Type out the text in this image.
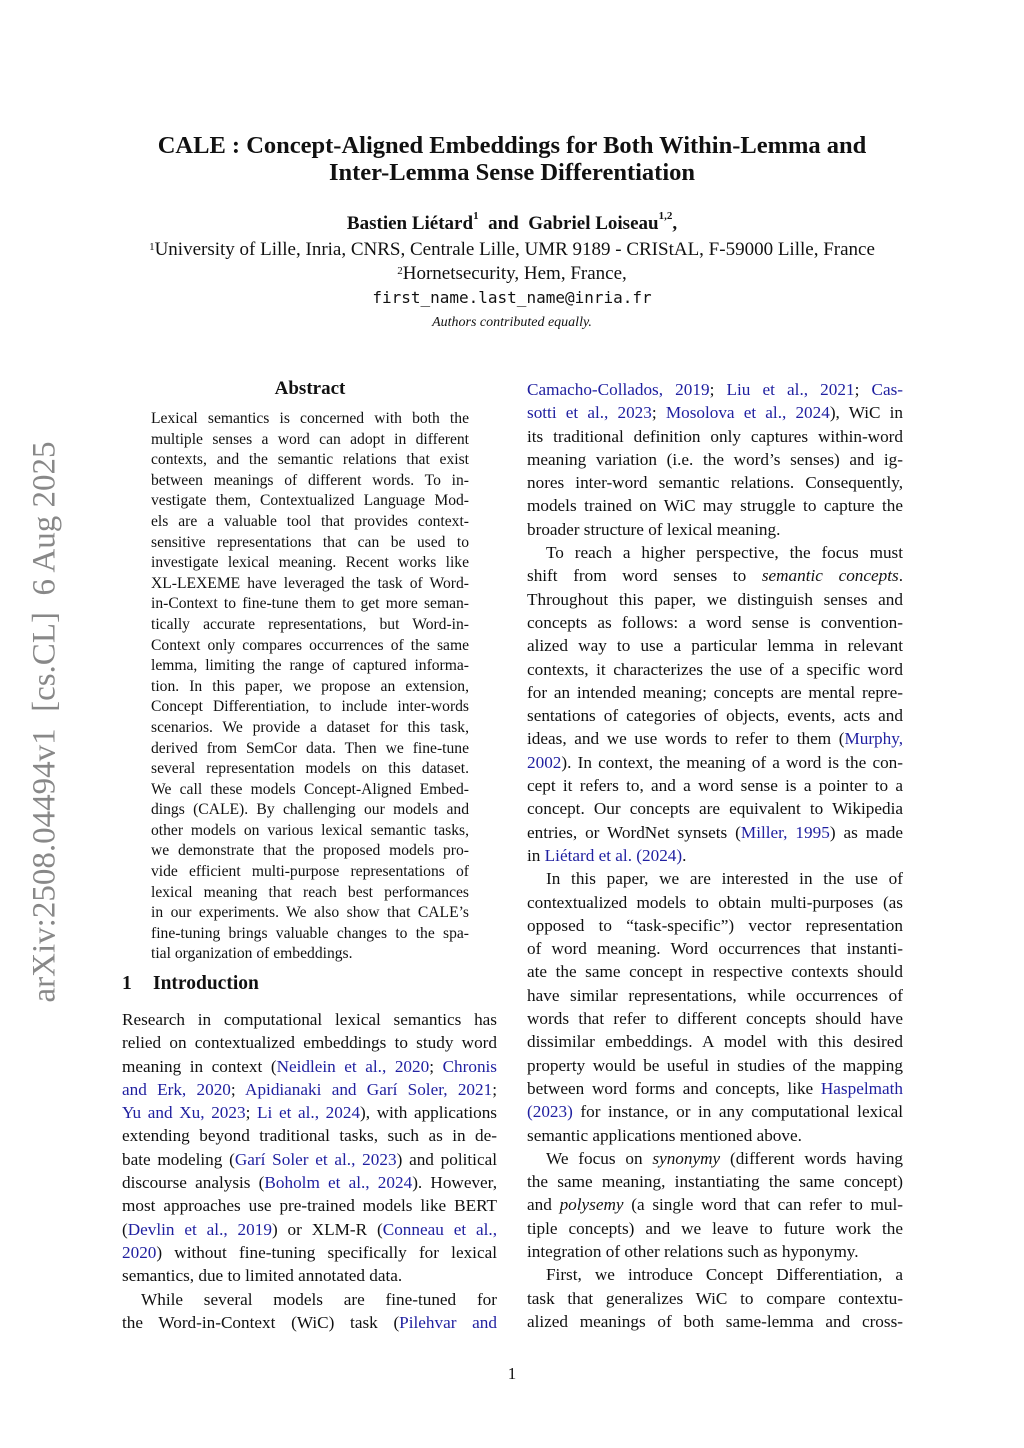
arXiv:2508.04494v1  [cs.CL]  6 Aug 2025
CALE : Concept-Aligned Embeddings for Both Within-Lemma and
Inter-Lemma Sense Differentiation
Bastien Liétard$^1$ and Gabriel Loiseau$^{1,2}$,
$^1$University of Lille, Inria, CNRS, Centrale Lille, UMR 9189 - CRIStAL, F-59000 Lille, France
$^2$Hornetsecurity, Hem, France,
first_name.last_name@inria.fr
Authors contributed equally.
Abstract
Lexical semantics is concerned with both the
multiple senses a word can adopt in different
contexts, and the semantic relations that exist
between meanings of different words. To in-
vestigate them, Contextualized Language Mod-
els are a valuable tool that provides context-
sensitive representations that can be used to
investigate lexical meaning. Recent works like
XL-LEXEME have leveraged the task of Word-
in-Context to fine-tune them to get more seman-
tically accurate representations, but Word-in-
Context only compares occurrences of the same
lemma, limiting the range of captured informa-
tion. In this paper, we propose an extension,
Concept Differentiation, to include inter-words
scenarios. We provide a dataset for this task,
derived from SemCor data. Then we fine-tune
several representation models on this dataset.
We call these models Concept-Aligned Embed-
dings (CALE). By challenging our models and
other models on various lexical semantic tasks,
we demonstrate that the proposed models pro-
vide efficient multi-purpose representations of
lexical meaning that reach best performances
in our experiments. We also show that CALE’s
fine-tuning brings valuable changes to the spa-
tial organization of embeddings.
1 Introduction
Research in computational lexical semantics has
relied on contextualized embeddings to study word
meaning in context (Neidlein et al., 2020; Chronis
and Erk, 2020; Apidianaki and Garí Soler, 2021;
Yu and Xu, 2023; Li et al., 2024), with applications
extending beyond traditional tasks, such as in de-
bate modeling (Garí Soler et al., 2023) and political
discourse analysis (Boholm et al., 2024). However,
most approaches use pre-trained models like BERT
(Devlin et al., 2019) or XLM-R (Conneau et al.,
2020) without fine-tuning specifically for lexical
semantics, due to limited annotated data.
While several models are fine-tuned for
the Word-in-Context (WiC) task (Pilehvar and
Camacho-Collados, 2019; Liu et al., 2021; Cas-
sotti et al., 2023; Mosolova et al., 2024), WiC in
its traditional definition only captures within-word
meaning variation (i.e. the word’s senses) and ig-
nores inter-word semantic relations. Consequently,
models trained on WiC may struggle to capture the
broader structure of lexical meaning.
To reach a higher perspective, the focus must
shift from word senses to semantic concepts.
Throughout this paper, we distinguish senses and
concepts as follows: a word sense is convention-
alized way to use a particular lemma in relevant
contexts, it characterizes the use of a specific word
for an intended meaning; concepts are mental repre-
sentations of categories of objects, events, acts and
ideas, and we use words to refer to them (Murphy,
2002). In context, the meaning of a word is the con-
cept it refers to, and a word sense is a pointer to a
concept. Our concepts are equivalent to Wikipedia
entries, or WordNet synsets (Miller, 1995) as made
in Liétard et al. (2024).
In this paper, we are interested in the use of
contextualized models to obtain multi-purposes (as
opposed to “task-specific”) vector representation
of word meaning. Word occurrences that instanti-
ate the same concept in respective contexts should
have similar representations, while occurrences of
words that refer to different concepts should have
dissimilar embeddings. A model with this desired
property would be useful in studies of the mapping
between word forms and concepts, like Haspelmath
(2023) for instance, or in any computational lexical
semantic applications mentioned above.
We focus on synonymy (different words having
the same meaning, instantiating the same concept)
and polysemy (a single word that can refer to mul-
tiple concepts) and we leave to future work the
integration of other relations such as hyponymy.
First, we introduce Concept Differentiation, a
task that generalizes WiC to compare contextu-
alized meanings of both same-lemma and cross-
1
